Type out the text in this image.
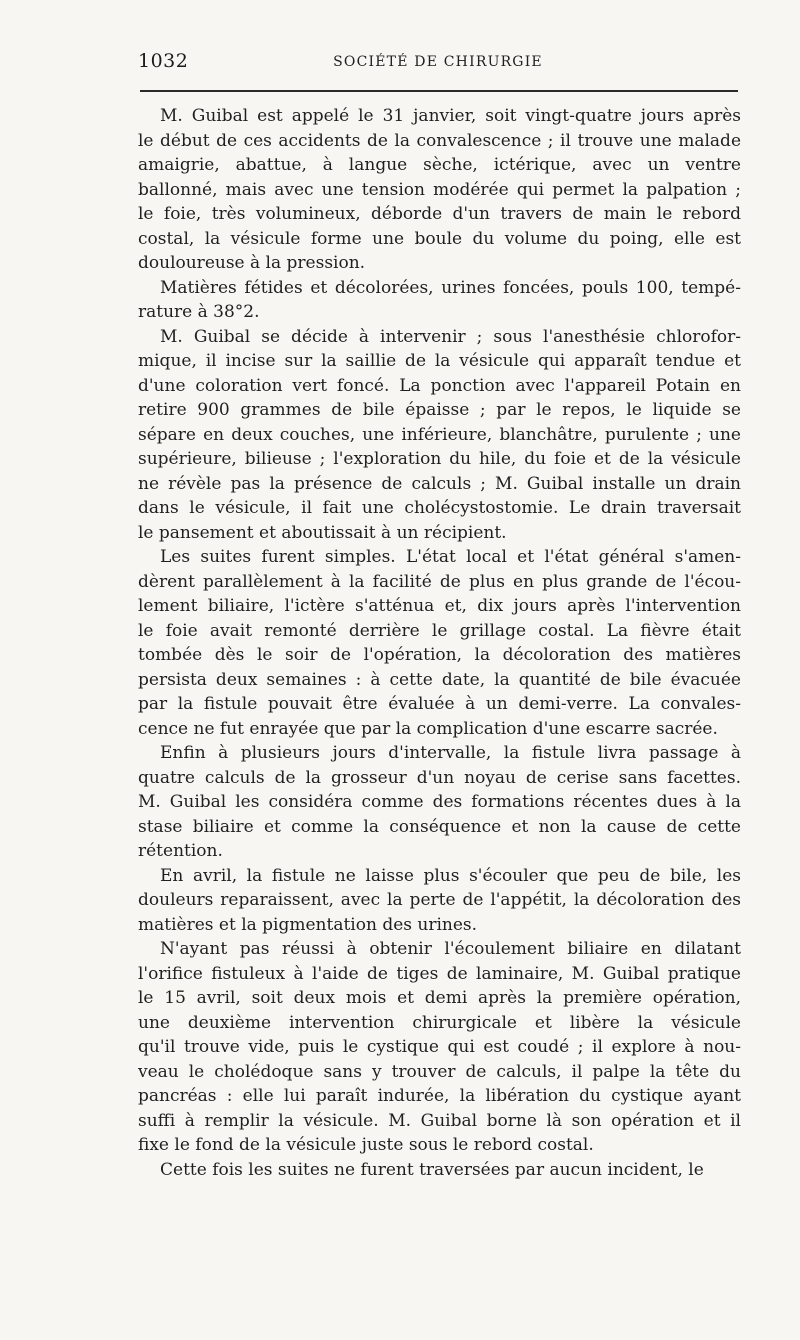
1032	SOCIÉTÉ DE CHIRURGIE
M. Guibal est appelé le 31 janvier, soit vingt-quatre jours après
le début de ces accidents de la convalescence ; il trouve une malade
amaigrie, abattue, à langue sèche, ictérique, avec un ventre
ballonné, mais avec une tension modérée qui permet la palpation ;
le foie, très volumineux, déborde d'un travers de main le rebord
costal, la vésicule forme une boule du volume du poing, elle est
douloureuse à la pression.
Matières fétides et décolorées, urines foncées, pouls 100, tempé-
rature à 38°2.
M. Guibal se décide à intervenir ; sous l'anesthésie chlorofor-
mique, il incise sur la saillie de la vésicule qui apparaît tendue et
d'une coloration vert foncé. La ponction avec l'appareil Potain en
retire 900 grammes de bile épaisse ; par le repos, le liquide se
sépare en deux couches, une inférieure, blanchâtre, purulente ; une
supérieure, bilieuse ; l'exploration du hile, du foie et de la vésicule
ne révèle pas la présence de calculs ; M. Guibal installe un drain
dans le vésicule, il fait une cholécystostomie. Le drain traversait
le pansement et aboutissait à un récipient.
Les suites furent simples. L'état local et l'état général s'amen-
dèrent parallèlement à la facilité de plus en plus grande de l'écou-
lement biliaire, l'ictère s'atténua et, dix jours après l'intervention
le foie avait remonté derrière le grillage costal. La fièvre était
tombée dès le soir de l'opération, la décoloration des matières
persista deux semaines : à cette date, la quantité de bile évacuée
par la fistule pouvait être évaluée à un demi-verre. La convales-
cence ne fut enrayée que par la complication d'une escarre sacrée.
Enfin à plusieurs jours d'intervalle, la fistule livra passage à
quatre calculs de la grosseur d'un noyau de cerise sans facettes.
M. Guibal les considéra comme des formations récentes dues à la
stase biliaire et comme la conséquence et non la cause de cette
rétention.
En avril, la fistule ne laisse plus s'écouler que peu de bile, les
douleurs reparaissent, avec la perte de l'appétit, la décoloration des
matières et la pigmentation des urines.
N'ayant pas réussi à obtenir l'écoulement biliaire en dilatant
l'orifice fistuleux à l'aide de tiges de laminaire, M. Guibal pratique
le 15 avril, soit deux mois et demi après la première opération,
une deuxième intervention chirurgicale et libère la vésicule
qu'il trouve vide, puis le cystique qui est coudé ; il explore à nou-
veau le cholédoque sans y trouver de calculs, il palpe la tête du
pancréas : elle lui paraît indurée, la libération du cystique ayant
suffi à remplir la vésicule. M. Guibal borne là son opération et il
fixe le fond de la vésicule juste sous le rebord costal.
Cette fois les suites ne furent traversées par aucun incident, le
